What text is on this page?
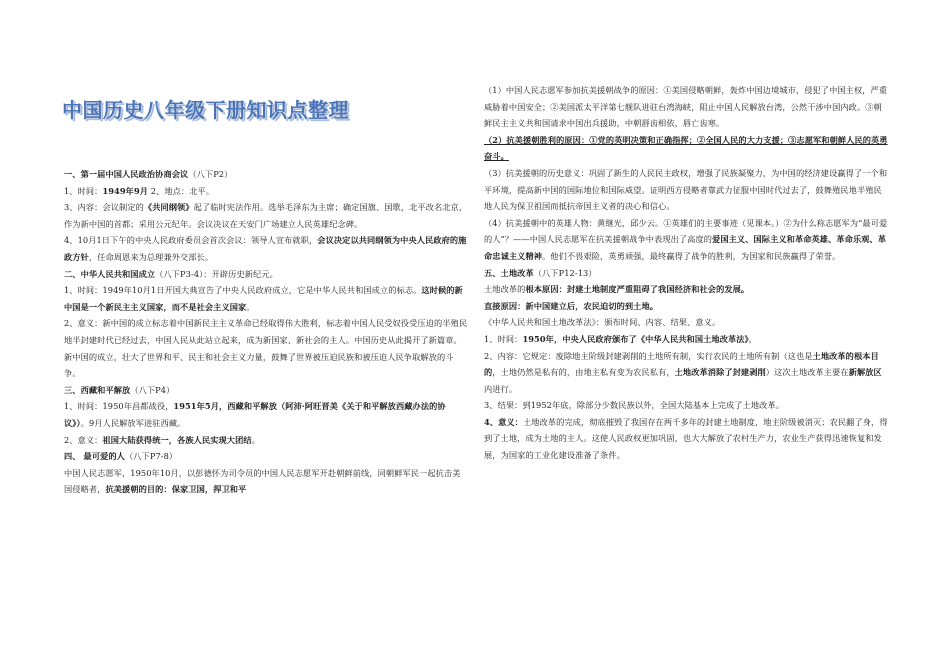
中国历史八年级下册知识点整理

一、第一届中国人民政治协商会议（八下P2）

1、时间：1949年9月 2、地点：北平。

3、内容：会议制定的《共同纲领》起了临时宪法作用。选举毛泽东为主席；确定国旗、国歌，北平改名北京，作为新中国的首都；采用公元纪年。会议决议在天安门广场建立人民英雄纪念碑。

4、10月1日下午的中央人民政府委员会首次会议：领导人宣布就职，会议决定以共同纲领为中央人民政府的施政方针，任命周恩来为总理兼外交部长。

二、中华人民共和国成立（八下P3-4）：开辟历史新纪元。

1、时间：1949年10月1日开国大典宣告了中央人民政府成立，它是中华人民共和国成立的标志。这时候的新中国是一个新民主主义国家，而不是社会主义国家。

2、意义：新中国的成立标志着中国新民主主义革命已经取得伟大胜利，标志着中国人民受奴役受压迫的半殖民地半封建时代已经过去，中国人民从此站立起来，成为新国家、新社会的主人。中国历史从此揭开了新篇章。新中国的成立，壮大了世界和平、民主和社会主义力量，鼓舞了世界被压迫民族和被压迫人民争取解放的斗争。

三、西藏和平解放（八下P4）

1、时间：1950年昌都战役，1951年5月，西藏和平解放（阿沛·阿旺晋美《关于和平解放西藏办法的协议》）。9月人民解放军进驻西藏。

2、意义：祖国大陆获得统一，各族人民实现大团结。

四、 最可爱的人（八下P7-8）

中国人民志愿军，1950年10月，以彭德怀为司令员的中国人民志愿军开赴朝鲜前线，同朝鲜军民一起抗击美国侵略者，抗美援朝的目的：保家卫国，捍卫和平

（1）中国人民志愿军参加抗美援朝战争的原因：①美国侵略朝鲜，轰炸中国边境城市，侵犯了中国主权，严重威胁着中国安全；②美国派太平洋第七舰队进驻台湾海峡，阻止中国人民解放台湾，公然干涉中国内政。③朝鲜民主主义共和国请求中国出兵援助，中朝唇齿相依，唇亡齿寒。

（2）抗美援朝胜利的原因：①党的英明决策和正确指挥；②全国人民的大力支援；③志愿军和朝鲜人民的英勇奋斗。

（3）抗美援朝的历史意义：巩固了新生的人民民主政权，增强了民族凝聚力，为中国的经济建设赢得了一个和平环境，提高新中国的国际地位和国际威望。证明西方侵略者靠武力征服中国时代过去了，鼓舞殖民地半殖民地人民为保卫祖国而抵抗帝国主义者的决心和信心。

（4）抗美援朝中的英雄人物：黄继光，邱少云。①英雄们的主要事迹（见课本。）②为什么称志愿军为“最可爱的人”？——中国人民志愿军在抗美援朝战争中表现出了高度的爱国主义、国际主义和革命英雄、革命乐观、革命忠诚主义精神。他们不畏艰险，英勇顽强，最终赢得了战争的胜利，为国家和民族赢得了荣誉。

五、土地改革（八下P12-13）

土地改革的根本原因：封建土地制度严重阻碍了我国经济和社会的发展。

直接原因：新中国建立后，农民迫切的到土地。

《中华人民共和国土地改革法》：颁布时间、内容、结果、意义。

1、时间：1950年，中央人民政府颁布了《中华人民共和国土地改革法》，

2、内容：它规定：废除地主阶级封建剥削的土地所有制，实行农民的土地所有制（这也是土地改革的根本目的，土地仍然是私有的，由地主私有变为农民私有，土地改革消除了封建剥削）这次土地改革主要在新解放区内进行。

3、结果：到1952年底，除部分少数民族以外，全国大陆基本上完成了土地改革。

4、意义：土地改革的完成，彻底摧毁了我国存在两千多年的封建土地制度，地主阶级被消灭；农民翻了身，得到了土地，成为土地的主人。这使人民政权更加巩固，也大大解放了农村生产力，农业生产获得迅速恢复和发展，为国家的工业化建设准备了条件。
